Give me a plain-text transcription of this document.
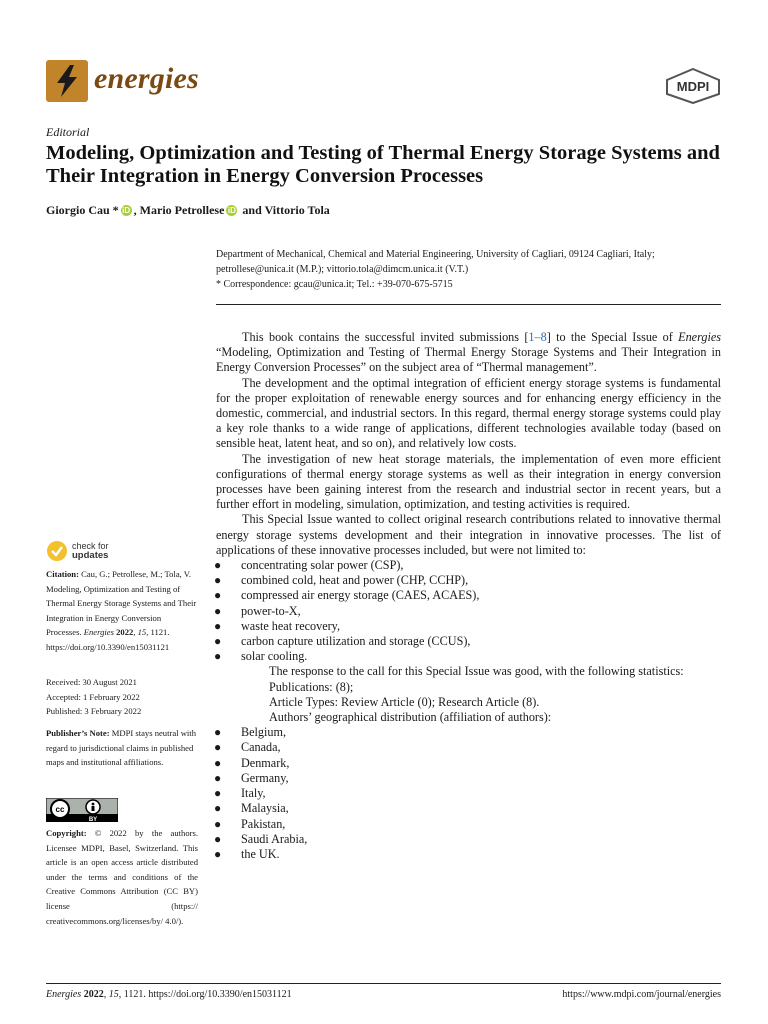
energies	MDPI
Editorial
Modeling, Optimization and Testing of Thermal Energy Storage Systems and Their Integration in Energy Conversion Processes
Giorgio Cau * iD , Mario Petrollese iD and Vittorio Tola
Department of Mechanical, Chemical and Material Engineering, University of Cagliari, 09124 Cagliari, Italy;
petrollese@unica.it (M.P.); vittorio.tola@dimcm.unica.it (V.T.)
* Correspondence: gcau@unica.it; Tel.: +39-070-675-5715

This book contains the successful invited submissions [1–8] to the Special Issue of Energies “Modeling, Optimization and Testing of Thermal Energy Storage Systems and Their Integration in Energy Conversion Processes” on the subject area of “Thermal management”.

The development and the optimal integration of efficient energy storage systems is fundamental for the proper exploitation of renewable energy sources and for enhancing energy efficiency in the domestic, commercial, and industrial sectors. In this regard, thermal energy storage systems could play a key role thanks to a wide range of applications, different technologies available today (based on sensible heat, latent heat, and so on), and relatively low costs.

The investigation of new heat storage materials, the implementation of even more efficient configurations of thermal energy storage systems as well as their integration in energy conversion processes have been gaining interest from the research and industrial sector in recent years, but a further effort in modeling, simulation, optimization, and testing activities is required.

This Special Issue wanted to collect original research contributions related to innovative thermal energy storage systems development and their integration in innovative processes. The list of applications of these innovative processes included, but were not limited to:

● concentrating solar power (CSP),
● combined cold, heat and power (CHP, CCHP),
● compressed air energy storage (CAES, ACAES),
● power-to-X,
● waste heat recovery,
● carbon capture utilization and storage (CCUS),
● solar cooling.

The response to the call for this Special Issue was good, with the following statistics:

Publications: (8);

Article Types: Review Article (0); Research Article (8).

Authors’ geographical distribution (affiliation of authors):

● Belgium,
● Canada,
● Denmark,
● Germany,
● Italy,
● Malaysia,
● Pakistan,
● Saudi Arabia,
● the UK.
check for
updates
Citation: Cau, G.; Petrollese, M.; Tola, V. Modeling, Optimization and Testing of Thermal Energy Storage Systems and Their Integration in Energy Conversion Processes. Energies 2022, 15, 1121. https://doi.org/10.3390/en15031121
Received: 30 August 2021
Accepted: 1 February 2022
Published: 3 February 2022
Publisher’s Note: MDPI stays neutral with regard to jurisdictional claims in published maps and institutional affiliations.
cc
BY
Copyright: © 2022 by the authors. Licensee MDPI, Basel, Switzerland. This article is an open access article distributed under the terms and conditions of the Creative Commons Attribution (CC BY) license (https:// creativecommons.org/licenses/by/ 4.0/).
Energies 2022, 15, 1121. https://doi.org/10.3390/en15031121	https://www.mdpi.com/journal/energies
